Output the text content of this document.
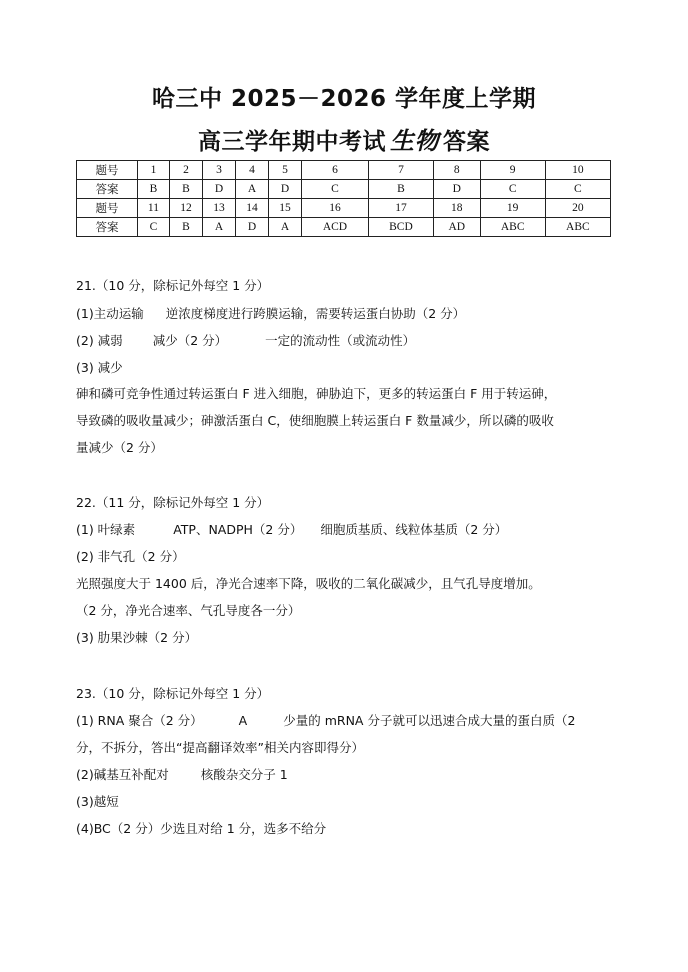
哈三中 2025－2026 学年度上学期
高三学年期中考试 生物 答案
题号	1	2	3	4	5	6	7	8	9	10
答案	B	B	D	A	D	C	B	D	C	C
题号	11	12	13	14	15	16	17	18	19	20
答案	C	B	A	D	A	ACD	BCD	AD	ABC	ABC
21.（10 分，除标记外每空 1 分）
(1)主动运输 逆浓度梯度进行跨膜运输，需要转运蛋白协助（2 分）
(2) 减弱 减少（2 分）	一定的流动性（或流动性）
(3) 减少
砷和磷可竞争性通过转运蛋白 F 进入细胞，砷胁迫下，更多的转运蛋白 F 用于转运砷，
导致磷的吸收量减少；砷激活蛋白 C，使细胞膜上转运蛋白 F 数量减少，所以磷的吸收
量减少（2 分）
22.（11 分，除标记外每空 1 分）
(1) 叶绿素	ATP、NADPH（2 分） 细胞质基质、线粒体基质（2 分）
(2) 非气孔（2 分）
光照强度大于 1400 后，净光合速率下降，吸收的二氧化碳减少，且气孔导度增加。
（2 分，净光合速率、气孔导度各一分）
(3) 肋果沙棘（2 分）
23.（10 分，除标记外每空 1 分）
(1) RNA 聚合（2 分）	A	少量的 mRNA 分子就可以迅速合成大量的蛋白质（2
分，不拆分，答出“提高翻译效率”相关内容即得分）
(2)碱基互补配对	核酸杂交分子 1
(3)越短
(4)BC（2 分）少选且对给 1 分，选多不给分
